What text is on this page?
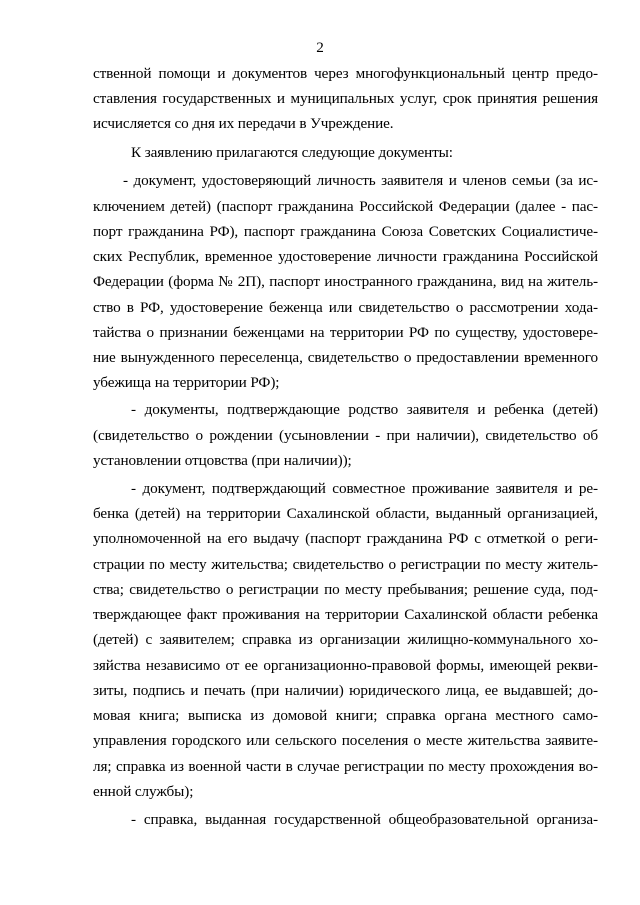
2
ственной помощи и документов через многофункциональный центр предо-
ставления государственных и муниципальных услуг, срок принятия решения
исчисляется со дня их передачи в Учреждение.
К заявлению прилагаются следующие документы:
- документ, удостоверяющий личность заявителя и членов семьи (за ис-
ключением детей) (паспорт гражданина Российской Федерации (далее - пас-
порт гражданина РФ), паспорт гражданина Союза Советских Социалистиче-
ских Республик, временное удостоверение личности гражданина Российской
Федерации (форма № 2П), паспорт иностранного гражданина, вид на житель-
ство в РФ, удостоверение беженца или свидетельство о рассмотрении хода-
тайства о признании беженцами на территории РФ по существу, удостовере-
ние вынужденного переселенца, свидетельство о предоставлении временного
убежища на территории РФ);
- документы, подтверждающие родство заявителя и ребенка (детей)
(свидетельство о рождении (усыновлении - при наличии), свидетельство об
установлении отцовства (при наличии));
- документ, подтверждающий совместное проживание заявителя и ре-
бенка (детей) на территории Сахалинской области, выданный организацией,
уполномоченной на его выдачу (паспорт гражданина РФ с отметкой о реги-
страции по месту жительства; свидетельство о регистрации по месту житель-
ства; свидетельство о регистрации по месту пребывания; решение суда, под-
тверждающее факт проживания на территории Сахалинской области ребенка
(детей) с заявителем; справка из организации жилищно-коммунального хо-
зяйства независимо от ее организационно-правовой формы, имеющей рекви-
зиты, подпись и печать (при наличии) юридического лица, ее выдавшей; до-
мовая книга; выписка из домовой книги; справка органа местного само-
управления городского или сельского поселения о месте жительства заявите-
ля; справка из военной части в случае регистрации по месту прохождения во-
енной службы);
- справка, выданная государственной общеобразовательной организа-
